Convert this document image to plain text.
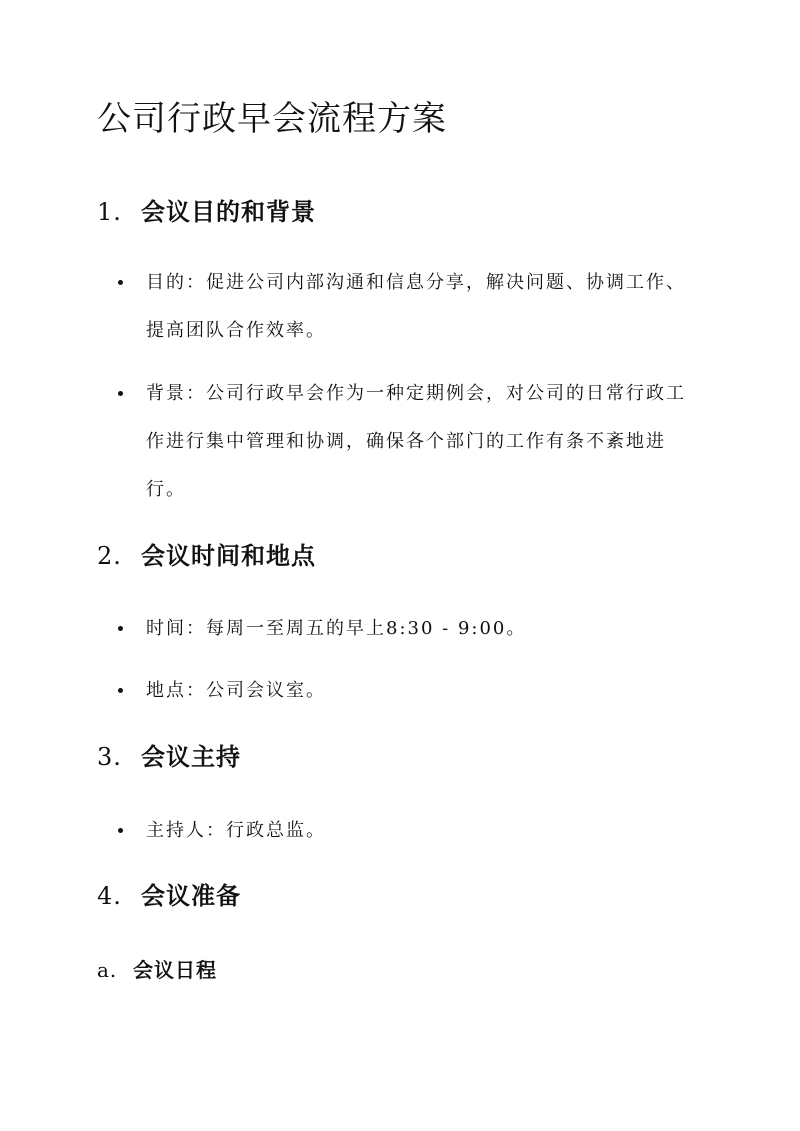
公司行政早会流程方案
1. 会议目的和背景
目的：促进公司内部沟通和信息分享，解决问题、协调工作、提高团队合作效率。
背景：公司行政早会作为一种定期例会，对公司的日常行政工作进行集中管理和协调，确保各个部门的工作有条不紊地进行。
2. 会议时间和地点
时间：每周一至周五的早上8:30 - 9:00。
地点：公司会议室。
3. 会议主持
主持人：行政总监。
4. 会议准备
a. 会议日程
